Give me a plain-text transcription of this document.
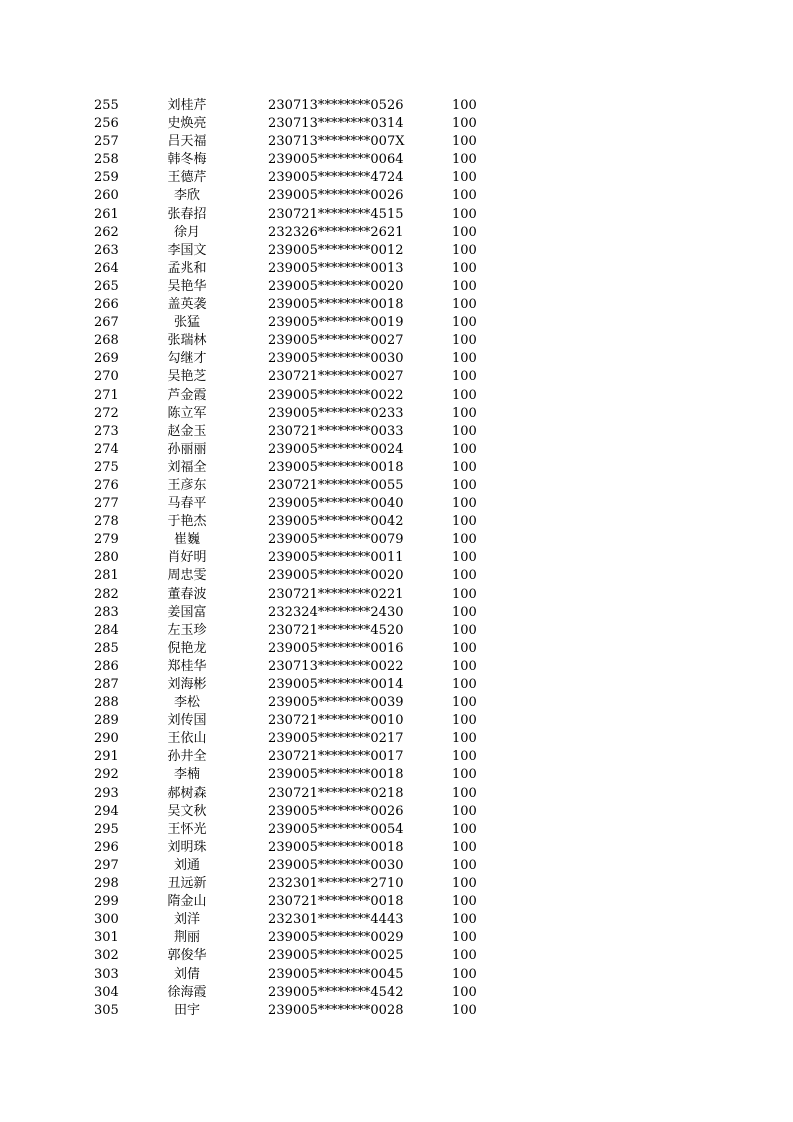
255	刘桂芹	230713********0526	100
256	史焕亮	230713********0314	100
257	吕天福	230713********007X	100
258	韩冬梅	239005********0064	100
259	王德芹	239005********4724	100
260	李欣	239005********0026	100
261	张春招	230721********4515	100
262	徐月	232326********2621	100
263	李国文	239005********0012	100
264	孟兆和	239005********0013	100
265	吴艳华	239005********0020	100
266	盖英袭	239005********0018	100
267	张猛	239005********0019	100
268	张瑞林	239005********0027	100
269	勾继才	239005********0030	100
270	吴艳芝	230721********0027	100
271	芦金霞	239005********0022	100
272	陈立军	239005********0233	100
273	赵金玉	230721********0033	100
274	孙丽丽	239005********0024	100
275	刘福全	239005********0018	100
276	王彦东	230721********0055	100
277	马春平	239005********0040	100
278	于艳杰	239005********0042	100
279	崔巍	239005********0079	100
280	肖好明	239005********0011	100
281	周忠雯	239005********0020	100
282	董春波	230721********0221	100
283	姜国富	232324********2430	100
284	左玉珍	230721********4520	100
285	倪艳龙	239005********0016	100
286	郑桂华	230713********0022	100
287	刘海彬	239005********0014	100
288	李松	239005********0039	100
289	刘传国	230721********0010	100
290	王依山	239005********0217	100
291	孙井全	230721********0017	100
292	李楠	239005********0018	100
293	郝树森	230721********0218	100
294	吴文秋	239005********0026	100
295	王怀光	239005********0054	100
296	刘明珠	239005********0018	100
297	刘通	239005********0030	100
298	丑远新	232301********2710	100
299	隋金山	230721********0018	100
300	刘洋	232301********4443	100
301	荆丽	239005********0029	100
302	郭俊华	239005********0025	100
303	刘倩	239005********0045	100
304	徐海霞	239005********4542	100
305	田宇	239005********0028	100
